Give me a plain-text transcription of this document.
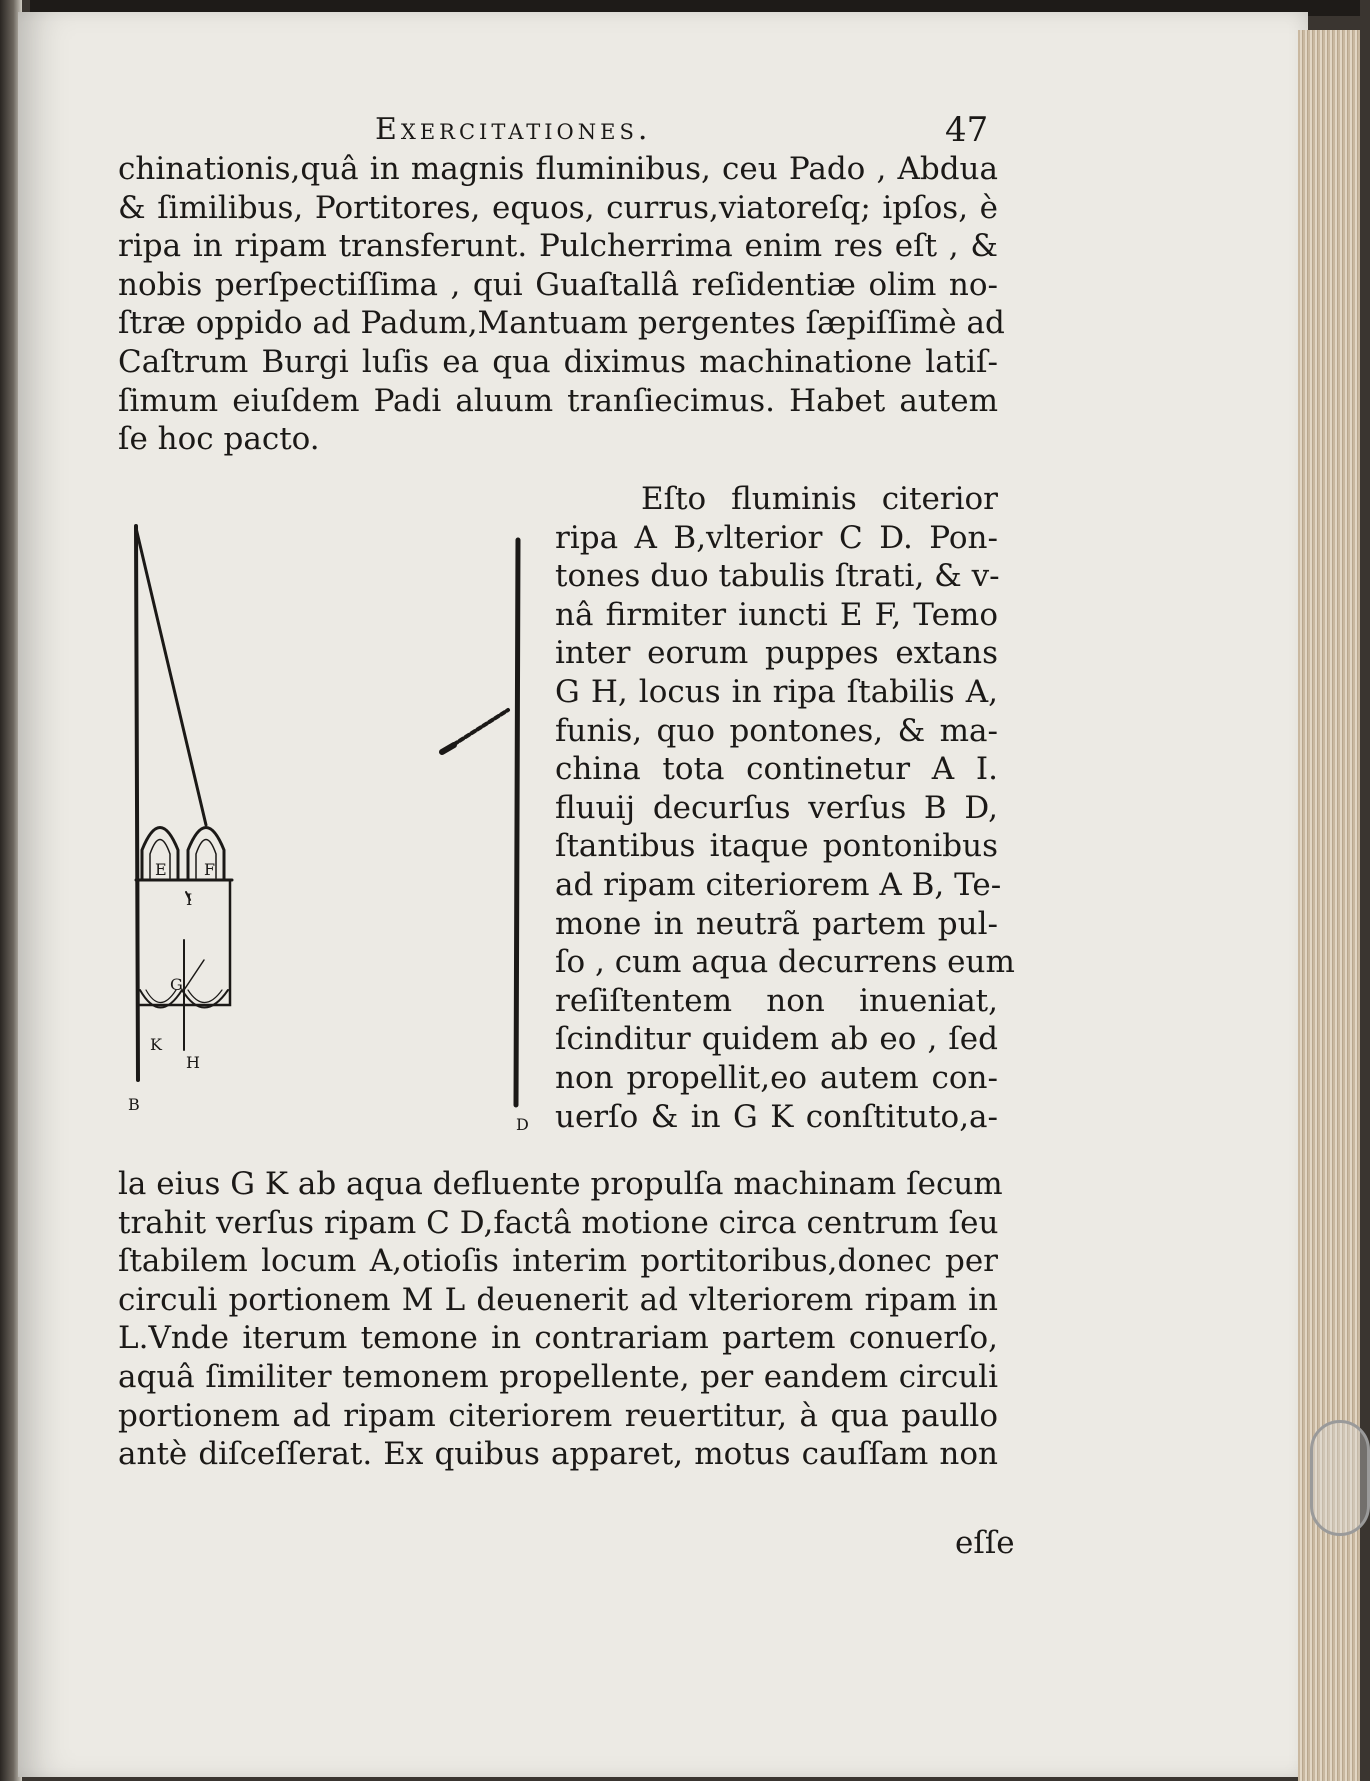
Exercitationes.	47
chinationis,quâ in magnis fluminibus, ceu Pado , Abdua
& ſimilibus, Portitores, equos, currus,viatoreſq; ipſos, è
ripa in ripam transferunt. Pulcherrima enim res eſt , &
nobis perſpectiſſima , qui Guaſtallâ reſidentiæ olim no-
ſtræ oppido ad Padum,Mantuam pergentes ſæpiſſimè ad
Caſtrum Burgi luſis ea qua diximus machinatione latiſ-
ſimum eiuſdem Padi aluum tranſiecimus. Habet autem
ſe hoc pacto.
Eſto fluminis citerior
ripa A B,vlterior C D. Pon-
tones duo tabulis ſtrati, & v-
nâ firmiter iuncti E F, Temo
inter eorum puppes extans
G H, locus in ripa ſtabilis A,
funis, quo pontones, & ma-
china tota continetur A I.
fluuij decurſus verſus B D,
ſtantibus itaque pontonibus
ad ripam citeriorem A B, Te-
mone in neutrã partem pul-
ſo , cum aqua decurrens eum
reſiſtentem non inueniat,
ſcinditur quidem ab eo , ſed
non propellit,eo autem con-
uerſo & in G K conſtituto,a-
E F
G
K
H
B
D
I
la eius G K ab aqua defluente propulſa machinam ſecum
trahit verſus ripam C D,factâ motione circa centrum ſeu
ſtabilem locum A,otioſis interim portitoribus,donec per
circuli portionem M L deuenerit ad vlteriorem ripam in
L.Vnde iterum temone in contrariam partem conuerſo,
aquâ ſimiliter temonem propellente, per eandem circuli
portionem ad ripam citeriorem reuertitur, à qua paullo
antè diſceſſerat. Ex quibus apparet, motus cauſſam non
eſſe
